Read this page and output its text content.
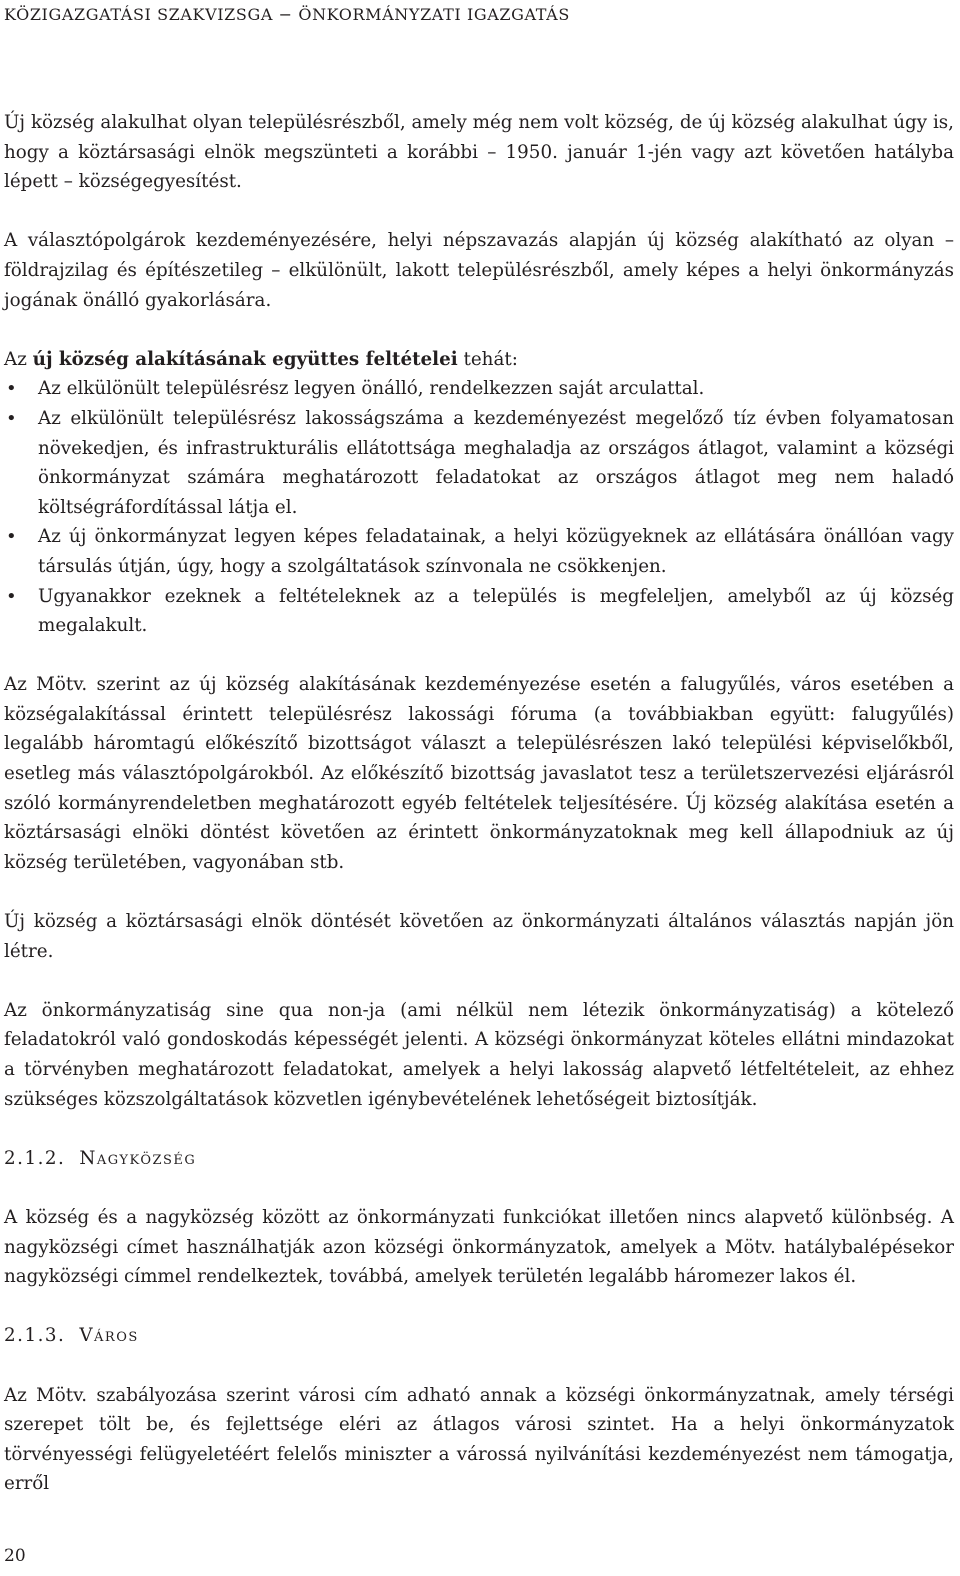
KÖZIGAZGATÁSI SZAKVIZSGA − ÖNKORMÁNYZATI IGAZGATÁS

Új község alakulhat olyan településrészből, amely még nem volt község, de új község alakulhat úgy is, hogy a köztársasági elnök megszünteti a korábbi – 1950. január 1-jén vagy azt követően hatályba lépett – községegyesítést.

A választópolgárok kezdeményezésére, helyi népszavazás alapján új község alakítható az olyan – földrajzilag és építészetileg – elkülönült, lakott településrészből, amely képes a helyi önkormányzás jogának önálló gyakorlására.

Az új község alakításának együttes feltételei tehát:

• Az elkülönült településrész legyen önálló, rendelkezzen saját arculattal.
• Az elkülönült településrész lakosságszáma a kezdeményezést megelőző tíz évben folyamatosan növekedjen, és infrastrukturális ellátottsága meghaladja az országos átlagot, valamint a községi önkormányzat számára meghatározott feladatokat az országos átlagot meg nem haladó költségráfordítással látja el.
• Az új önkormányzat legyen képes feladatainak, a helyi közügyeknek az ellátására önállóan vagy társulás útján, úgy, hogy a szolgáltatások színvonala ne csökkenjen.
• Ugyanakkor ezeknek a feltételeknek az a település is megfeleljen, amelyből az új község megalakult.

Az Mötv. szerint az új község alakításának kezdeményezése esetén a falugyűlés, város esetében a községalakítással érintett településrész lakossági fóruma (a továbbiakban együtt: falugyűlés) legalább háromtagú előkészítő bizottságot választ a településrészen lakó települési képviselőkből, esetleg más választópolgárokból. Az előkészítő bizottság javaslatot tesz a területszervezési eljárásról szóló kormányrendeletben meghatározott egyéb feltételek teljesítésére. Új község alakítása esetén a köztársasági elnöki döntést követően az érintett önkormányzatoknak meg kell állapodniuk az új község területében, vagyonában stb.

Új község a köztársasági elnök döntését követően az önkormányzati általános választás napján jön létre.

Az önkormányzatiság sine qua non-ja (ami nélkül nem létezik önkormányzatiság) a kötelező feladatokról való gondoskodás képességét jelenti. A községi önkormányzat köteles ellátni mindazokat a törvényben meghatározott feladatokat, amelyek a helyi lakosság alapvető létfeltételeit, az ehhez szükséges közszolgáltatások közvetlen igénybevételének lehetőségeit biztosítják.

2.1.2. Nagyközség

A község és a nagyközség között az önkormányzati funkciókat illetően nincs alapvető különbség. A nagyközségi címet használhatják azon községi önkormányzatok, amelyek a Mötv. hatálybalépésekor nagyközségi címmel rendelkeztek, továbbá, amelyek területén legalább háromezer lakos él.

2.1.3. Város

Az Mötv. szabályozása szerint városi cím adható annak a községi önkormányzatnak, amely térségi szerepet tölt be, és fejlettsége eléri az átlagos városi szintet. Ha a helyi önkormányzatok törvényességi felügyeletéért felelős miniszter a várossá nyilvánítási kezdeményezést nem támogatja, erről

20
